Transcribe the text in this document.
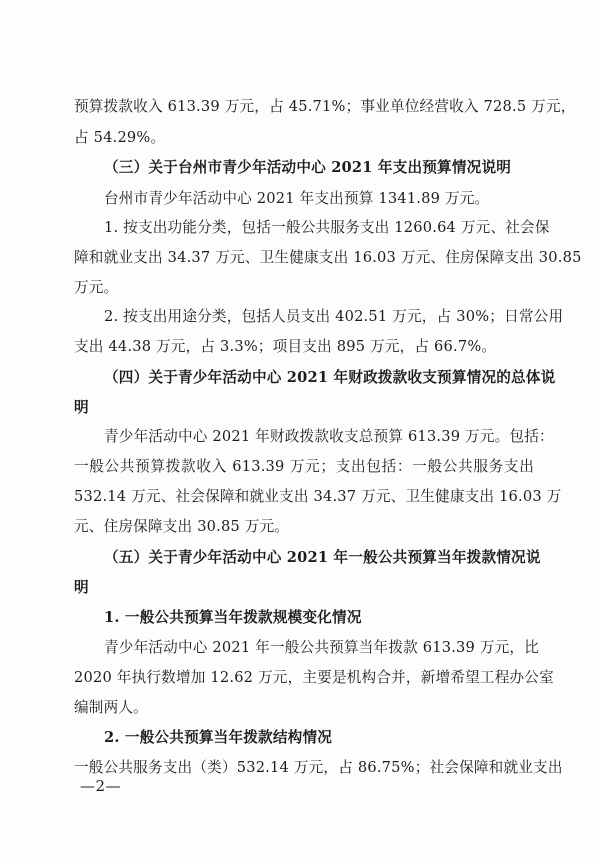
预算拨款收入 613.39 万元，占 45.71%；事业单位经营收入 728.5 万元，
占 54.29%。
（三）关于台州市青少年活动中心 2021 年支出预算情况说明
台州市青少年活动中心 2021 年支出预算 1341.89 万元。
1. 按支出功能分类，包括一般公共服务支出 1260.64 万元、社会保
障和就业支出 34.37 万元、卫生健康支出 16.03 万元、住房保障支出 30.85
万元。
2. 按支出用途分类，包括人员支出 402.51 万元，占 30%；日常公用
支出 44.38 万元，占 3.3%；项目支出 895 万元，占 66.7%。
（四）关于青少年活动中心 2021 年财政拨款收支预算情况的总体说
明
青少年活动中心 2021 年财政拨款收支总预算 613.39 万元。包括：
一般公共预算拨款收入 613.39 万元；支出包括：一般公共服务支出
532.14 万元、社会保障和就业支出 34.37 万元、卫生健康支出 16.03 万
元、住房保障支出 30.85 万元。
（五）关于青少年活动中心 2021 年一般公共预算当年拨款情况说
明
1. 一般公共预算当年拨款规模变化情况
青少年活动中心 2021 年一般公共预算当年拨款 613.39 万元，比
2020 年执行数增加 12.62 万元，主要是机构合并，新增希望工程办公室
编制两人。
2. 一般公共预算当年拨款结构情况
一般公共服务支出（类）532.14 万元，占 86.75%；社会保障和就业支出
—2—
